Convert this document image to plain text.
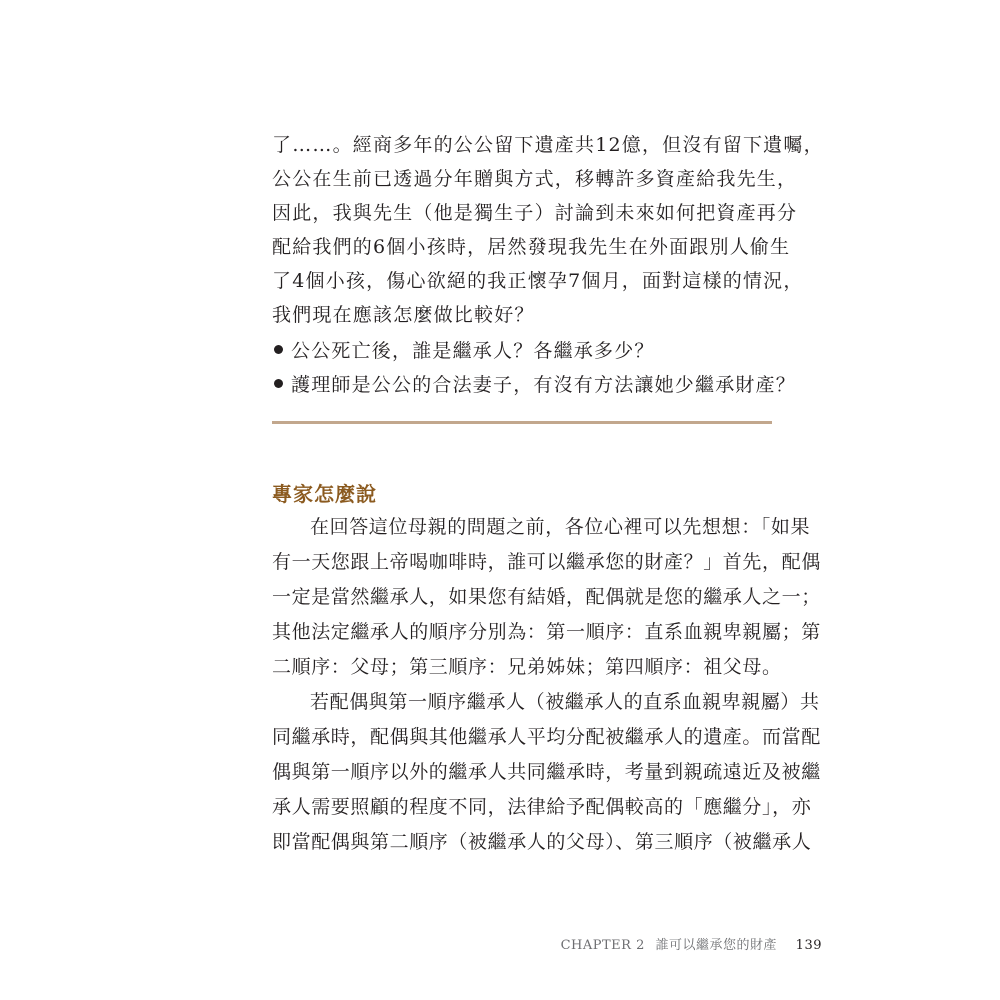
了……。經商多年的公公留下遺產共12億，但沒有留下遺囑，
公公在生前已透過分年贈與方式，移轉許多資產給我先生，
因此，我與先生（他是獨生子）討論到未來如何把資產再分
配給我們的6個小孩時，居然發現我先生在外面跟別人偷生
了4個小孩，傷心欲絕的我正懷孕7個月，面對這樣的情況，
我們現在應該怎麼做比較好？
公公死亡後，誰是繼承人？各繼承多少？
護理師是公公的合法妻子，有沒有方法讓她少繼承財產？
專家怎麼說
在回答這位母親的問題之前，各位心裡可以先想想：「如果
有一天您跟上帝喝咖啡時，誰可以繼承您的財產？」首先，配偶
一定是當然繼承人，如果您有結婚，配偶就是您的繼承人之一；
其他法定繼承人的順序分別為：第一順序：直系血親卑親屬；第
二順序：父母；第三順序：兄弟姊妹；第四順序：祖父母。
若配偶與第一順序繼承人（被繼承人的直系血親卑親屬）共
同繼承時，配偶與其他繼承人平均分配被繼承人的遺產。而當配
偶與第一順序以外的繼承人共同繼承時，考量到親疏遠近及被繼
承人需要照顧的程度不同，法律給予配偶較高的「應繼分」，亦
即當配偶與第二順序（被繼承人的父母）、第三順序（被繼承人
CHAPTER 2 誰可以繼承您的財產 139
